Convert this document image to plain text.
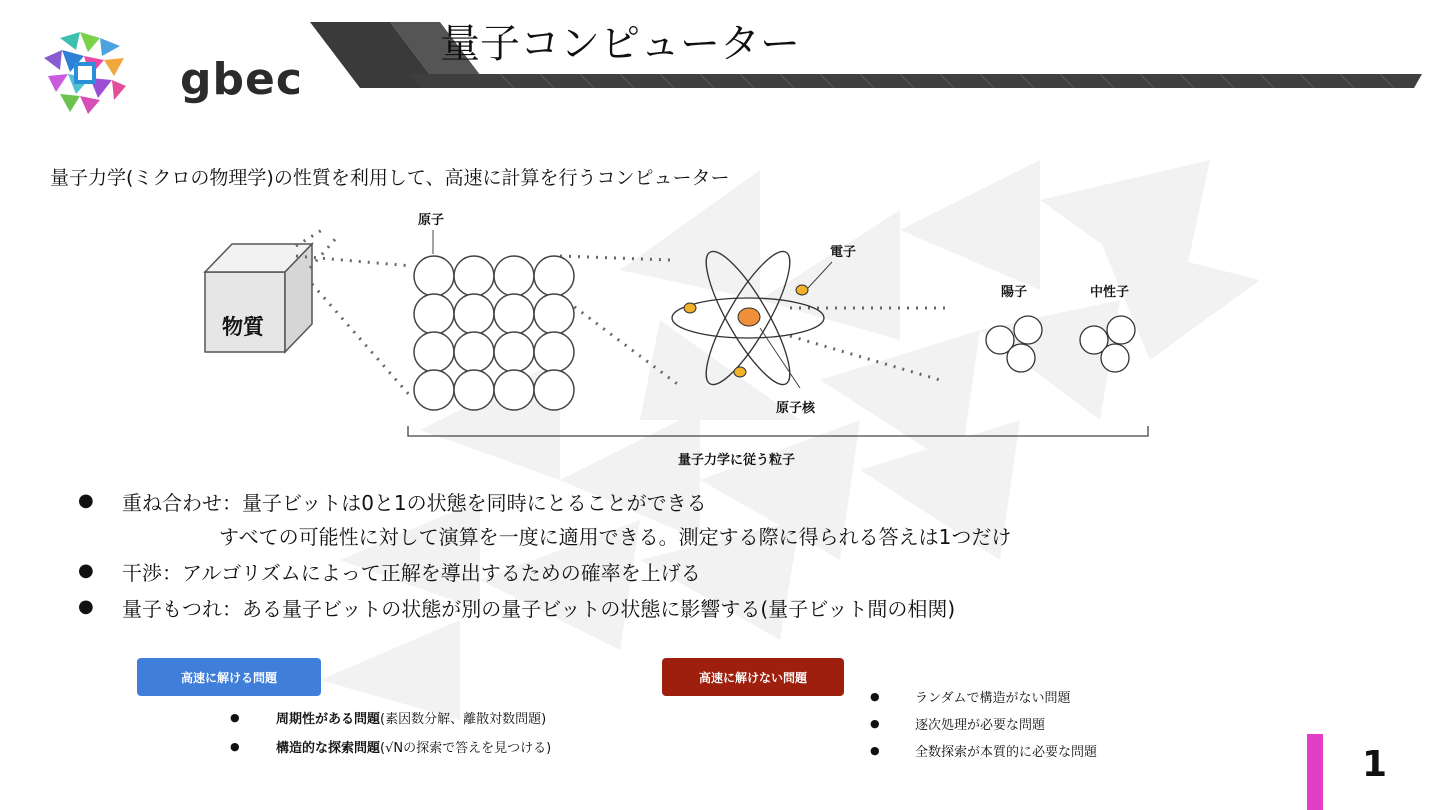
gbec
量子コンピューター
量子力学(ミクロの物理学)の性質を利用して、高速に計算を行うコンピューター
物質
原子
電子
原子核
陽子	中性子
量子力学に従う粒子
● 重ね合わせ：量子ビットは0と1の状態を同時にとることができる
すべての可能性に対して演算を一度に適用できる。測定する際に得られる答えは1つだけ
● 干渉：アルゴリズムによって正解を導出するための確率を上げる
● 量子もつれ：ある量子ビットの状態が別の量子ビットの状態に影響する(量子ビット間の相関)
高速に解ける問題	高速に解けない問題
●	周期性がある問題(素因数分解、離散対数問題)
●	構造的な探索問題(√Nの探索で答えを見つける)
●	ランダムで構造がない問題
●	逐次処理が必要な問題
●	全数探索が本質的に必要な問題	1
